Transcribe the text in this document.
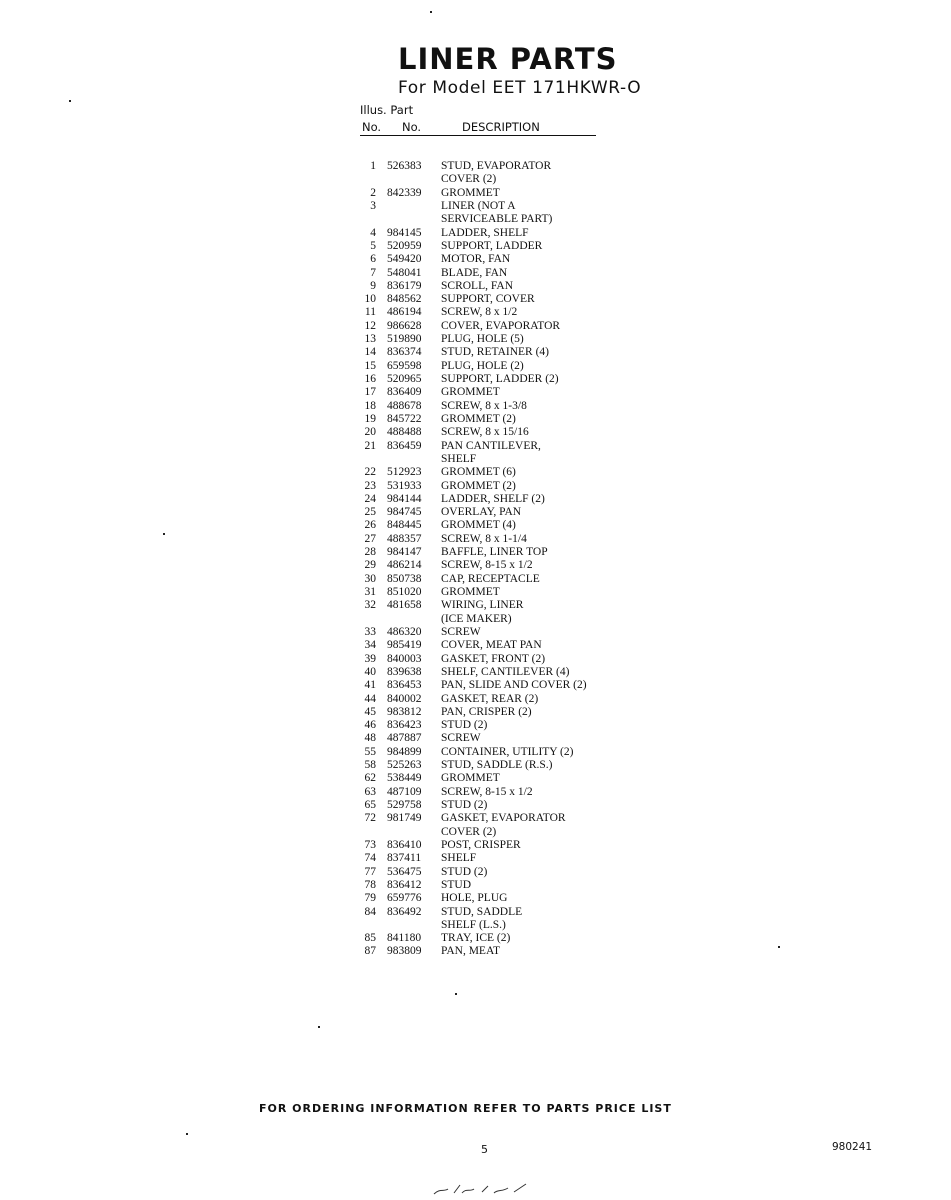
LINER PARTS
For Model EET 171HKWR-O
Illus. Part
No. No.	DESCRIPTION
1 526383	STUD, EVAPORATOR
COVER (2)
2 842339	GROMMET
3	LINER (NOT A
SERVICEABLE PART)
4 984145	LADDER, SHELF
5 520959	SUPPORT, LADDER
6 549420	MOTOR, FAN
7 548041	BLADE, FAN
9 836179	SCROLL, FAN
10 848562	SUPPORT, COVER
11 486194	SCREW, 8 x 1/2
12 986628	COVER, EVAPORATOR
13 519890	PLUG, HOLE (5)
14 836374	STUD, RETAINER (4)
15 659598	PLUG, HOLE (2)
16 520965	SUPPORT, LADDER (2)
17 836409	GROMMET
18 488678	SCREW, 8 x 1-3/8
19 845722	GROMMET (2)
20 488488	SCREW, 8 x 15/16
21 836459	PAN CANTILEVER,
SHELF
22 512923	GROMMET (6)
23 531933	GROMMET (2)
24 984144	LADDER, SHELF (2)
25 984745	OVERLAY, PAN
26 848445	GROMMET (4)
27 488357	SCREW, 8 x 1-1/4
28 984147	BAFFLE, LINER TOP
29 486214	SCREW, 8-15 x 1/2
30 850738	CAP, RECEPTACLE
31 851020	GROMMET
32 481658	WIRING, LINER
(ICE MAKER)
33 486320	SCREW
34 985419	COVER, MEAT PAN
39 840003	GASKET, FRONT (2)
40 839638	SHELF, CANTILEVER (4)
41 836453	PAN, SLIDE AND COVER (2)
44 840002	GASKET, REAR (2)
45 983812	PAN, CRISPER (2)
46 836423	STUD (2)
48 487887	SCREW
55 984899	CONTAINER, UTILITY (2)
58 525263	STUD, SADDLE (R.S.)
62 538449	GROMMET
63 487109	SCREW, 8-15 x 1/2
65 529758	STUD (2)
72 981749	GASKET, EVAPORATOR
COVER (2)
73 836410	POST, CRISPER
74 837411	SHELF
77 536475	STUD (2)
78 836412	STUD
79 659776	HOLE, PLUG
84 836492	STUD, SADDLE
SHELF (L.S.)
85 841180	TRAY, ICE (2)
87 983809	PAN, MEAT
FOR ORDERING INFORMATION REFER TO PARTS PRICE LIST
5	980241
